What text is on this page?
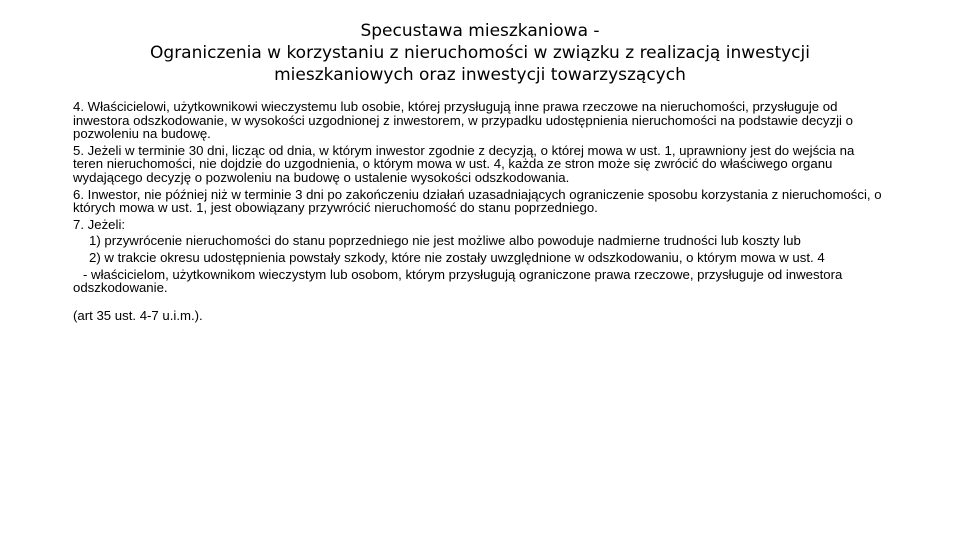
Specustawa mieszkaniowa -
Ograniczenia w korzystaniu z nieruchomości w związku z realizacją inwestycji
mieszkaniowych oraz inwestycji towarzyszących

4. Właścicielowi, użytkownikowi wieczystemu lub osobie, której przysługują inne prawa rzeczowe na nieruchomości, przysługuje od inwestora odszkodowanie, w wysokości uzgodnionej z inwestorem, w przypadku udostępnienia nieruchomości na podstawie decyzji o pozwoleniu na budowę.

5. Jeżeli w terminie 30 dni, licząc od dnia, w którym inwestor zgodnie z decyzją, o której mowa w ust. 1, uprawniony jest do wejścia na teren nieruchomości, nie dojdzie do uzgodnienia, o którym mowa w ust. 4, każda ze stron może się zwrócić do właściwego organu wydającego decyzję o pozwoleniu na budowę o ustalenie wysokości odszkodowania.

6. Inwestor, nie później niż w terminie 3 dni po zakończeniu działań uzasadniających ograniczenie sposobu korzystania z nieruchomości, o których mowa w ust. 1, jest obowiązany przywrócić nieruchomość do stanu poprzedniego.

7. Jeżeli:

1) przywrócenie nieruchomości do stanu poprzedniego nie jest możliwe albo powoduje nadmierne trudności lub koszty lub

2) w trakcie okresu udostępnienia powstały szkody, które nie zostały uwzględnione w odszkodowaniu, o którym mowa w ust. 4

- właścicielom, użytkownikom wieczystym lub osobom, którym przysługują ograniczone prawa rzeczowe, przysługuje od inwestora odszkodowanie.

(art 35 ust. 4-7 u.i.m.).
